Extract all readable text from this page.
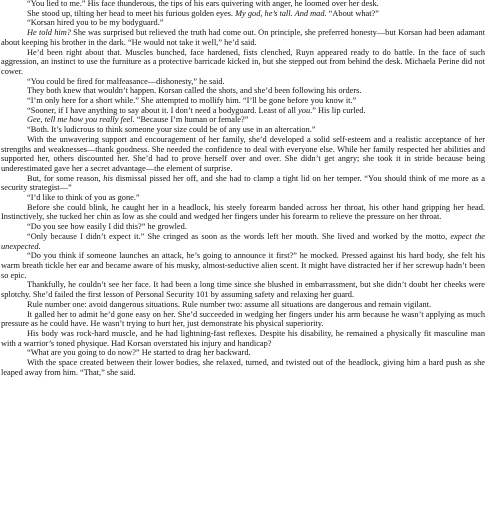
“You lied to me.” His face thunderous, the tips of his ears quivering with anger, he loomed over her desk.

She stood up, tilting her head to meet his furious golden eyes. My god, he’s tall. And mad. “About what?”

“Korsan hired you to be my bodyguard.”

He told him? She was surprised but relieved the truth had come out. On principle, she preferred honesty—but Korsan had been adamant about keeping his brother in the dark. “He would not take it well,” he’d said.

He’d been right about that. Muscles bunched, face hardened, fists clenched, Ruyn appeared ready to do battle. In the face of such aggression, an instinct to use the furniture as a protective barricade kicked in, but she stepped out from behind the desk. Michaela Perine did not cower.

“You could be fired for malfeasance—dishonesty,” he said.

They both knew that wouldn’t happen. Korsan called the shots, and she’d been following his orders.

“I’m only here for a short while.” She attempted to mollify him. “I’ll be gone before you know it.”

“Sooner, if I have anything to say about it. I don’t need a bodyguard. Least of all you.” His lip curled.

Gee, tell me how you really feel. “Because I’m human or female?”

“Both. It’s ludicrous to think someone your size could be of any use in an altercation.”

With the unwavering support and encouragement of her family, she’d developed a solid self-esteem and a realistic acceptance of her strengths and weaknesses—thank goodness. She needed the confidence to deal with everyone else. While her family respected her abilities and supported her, others discounted her. She’d had to prove herself over and over. She didn’t get angry; she took it in stride because being underestimated gave her a secret advantage—the element of surprise.

But, for some reason, his dismissal pissed her off, and she had to clamp a tight lid on her temper. “You should think of me more as a security strategist—”

“I’d like to think of you as gone.”

Before she could blink, he caught her in a headlock, his steely forearm banded across her throat, his other hand gripping her head. Instinctively, she tucked her chin as low as she could and wedged her fingers under his forearm to relieve the pressure on her throat.

“Do you see how easily I did this?” he growled.

“Only because I didn’t expect it.” She cringed as soon as the words left her mouth. She lived and worked by the motto, expect the unexpected.

“Do you think if someone launches an attack, he’s going to announce it first?” he mocked. Pressed against his hard body, she felt his warm breath tickle her ear and became aware of his musky, almost-seductive alien scent. It might have distracted her if her screwup hadn’t been so epic.

Thankfully, he couldn’t see her face. It had been a long time since she blushed in embarrassment, but she didn’t doubt her cheeks were splotchy. She’d failed the first lesson of Personal Security 101 by assuming safety and relaxing her guard.

Rule number one: avoid dangerous situations. Rule number two: assume all situations are dangerous and remain vigilant.

It galled her to admit he’d gone easy on her. She’d succeeded in wedging her fingers under his arm because he wasn’t applying as much pressure as he could have. He wasn’t trying to hurt her, just demonstrate his physical superiority.

His body was rock-hard muscle, and he had lightning-fast reflexes. Despite his disability, he remained a physically fit masculine man with a warrior’s toned physique. Had Korsan overstated his injury and handicap?

“What are you going to do now?” He started to drag her backward.

With the space created between their lower bodies, she relaxed, turned, and twisted out of the headlock, giving him a hard push as she leaped away from him. “That,” she said.
